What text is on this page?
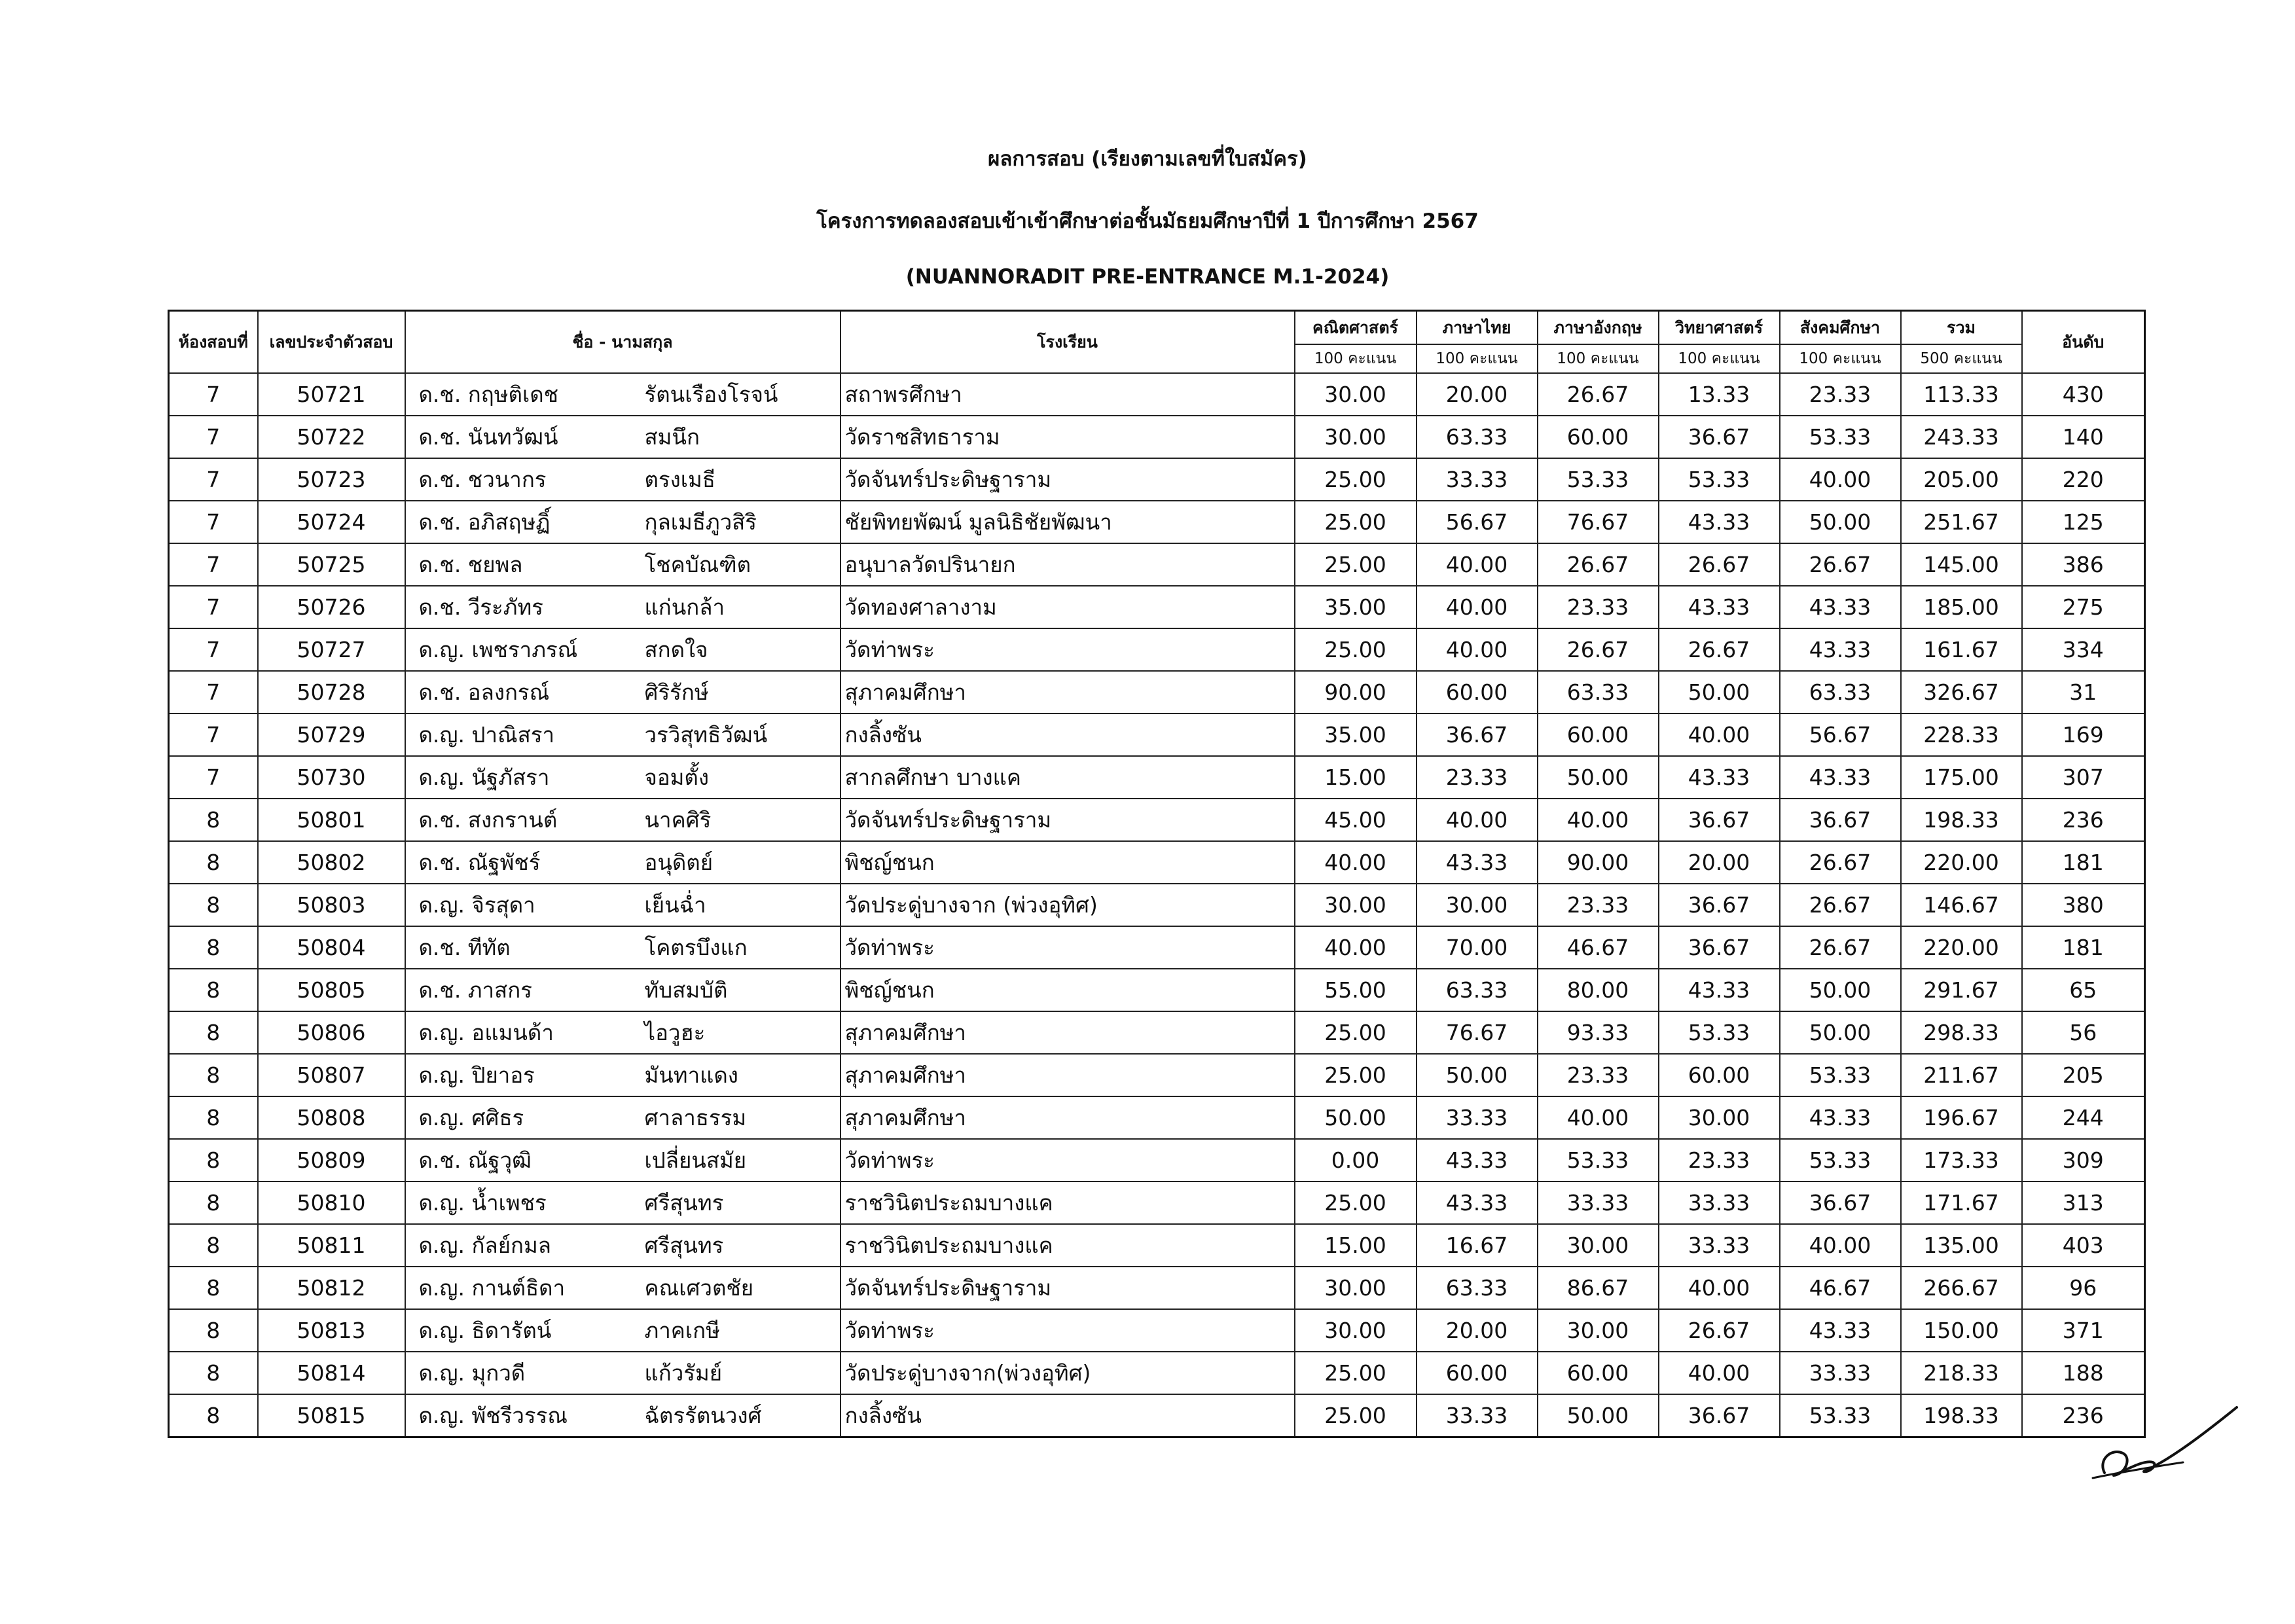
ผลการสอบ (เรียงตามเลขที่ใบสมัคร)
โครงการทดลองสอบเข้าเข้าศึกษาต่อชั้นมัธยมศึกษาปีที่ 1 ปีการศึกษา 2567
(NUANNORADIT PRE-ENTRANCE M.1-2024)
ห้องสอบที่	เลขประจำตัวสอบ	ชื่อ - นามสกุล	โรงเรียน	คณิตศาสตร์	ภาษาไทย	ภาษาอังกฤษ	วิทยาศาสตร์	สังคมศึกษา	รวม	อันดับ
				100 คะแนน	100 คะแนน	100 คะแนน	100 คะแนน	100 คะแนน	500 คะแนน	
7	50721	ด.ช. กฤษติเดช รัตนเรืองโรจน์	สถาพรศึกษา	30.00	20.00	26.67	13.33	23.33	113.33	430
7	50722	ด.ช. นันทวัฒน์ สมนึก	วัดราชสิทธาราม	30.00	63.33	60.00	36.67	53.33	243.33	140
7	50723	ด.ช. ชวนากร ตรงเมธี	วัดจันทร์ประดิษฐาราม	25.00	33.33	53.33	53.33	40.00	205.00	220
7	50724	ด.ช. อภิสฤษฏิ์ กุลเมธีภูวสิริ	ชัยพิทยพัฒน์ มูลนิธิชัยพัฒนา	25.00	56.67	76.67	43.33	50.00	251.67	125
7	50725	ด.ช. ชยพล โชคบัณฑิต	อนุบาลวัดปรินายก	25.00	40.00	26.67	26.67	26.67	145.00	386
7	50726	ด.ช. วีระภัทร แก่นกล้า	วัดทองศาลางาม	35.00	40.00	23.33	43.33	43.33	185.00	275
7	50727	ด.ญ. เพชราภรณ์ สกดใจ	วัดท่าพระ	25.00	40.00	26.67	26.67	43.33	161.67	334
7	50728	ด.ช. อลงกรณ์ ศิริรักษ์	สุภาคมศึกษา	90.00	60.00	63.33	50.00	63.33	326.67	31
7	50729	ด.ญ. ปาณิสรา วรวิสุทธิวัฒน์	กงลิ้งซัน	35.00	36.67	60.00	40.00	56.67	228.33	169
7	50730	ด.ญ. นัฐภัสรา จอมตั้ง	สากลศึกษา บางแค	15.00	23.33	50.00	43.33	43.33	175.00	307
8	50801	ด.ช. สงกรานต์ นาคศิริ	วัดจันทร์ประดิษฐาราม	45.00	40.00	40.00	36.67	36.67	198.33	236
8	50802	ด.ช. ณัฐพัชร์ อนุดิตย์	พิชญ์ชนก	40.00	43.33	90.00	20.00	26.67	220.00	181
8	50803	ด.ญ. จิรสุดา เย็นฉ่ำ	วัดประดู่บางจาก (พ่วงอุทิศ)	30.00	30.00	23.33	36.67	26.67	146.67	380
8	50804	ด.ช. ทีทัต โคตรบึงแก	วัดท่าพระ	40.00	70.00	46.67	36.67	26.67	220.00	181
8	50805	ด.ช. ภาสกร ทับสมบัติ	พิชญ์ชนก	55.00	63.33	80.00	43.33	50.00	291.67	65
8	50806	ด.ญ. อแมนด้า ไอวูฮะ	สุภาคมศึกษา	25.00	76.67	93.33	53.33	50.00	298.33	56
8	50807	ด.ญ. ปิยาอร มันทาแดง	สุภาคมศึกษา	25.00	50.00	23.33	60.00	53.33	211.67	205
8	50808	ด.ญ. ศศิธร ศาลาธรรม	สุภาคมศึกษา	50.00	33.33	40.00	30.00	43.33	196.67	244
8	50809	ด.ช. ณัฐวุฒิ เปลี่ยนสมัย	วัดท่าพระ	0.00	43.33	53.33	23.33	53.33	173.33	309
8	50810	ด.ญ. น้ำเพชร ศรีสุนทร	ราชวินิตประถมบางแค	25.00	43.33	33.33	33.33	36.67	171.67	313
8	50811	ด.ญ. กัลย์กมล ศรีสุนทร	ราชวินิตประถมบางแค	15.00	16.67	30.00	33.33	40.00	135.00	403
8	50812	ด.ญ. กานต์ธิดา คณเศวตชัย	วัดจันทร์ประดิษฐาราม	30.00	63.33	86.67	40.00	46.67	266.67	96
8	50813	ด.ญ. ธิดารัตน์ ภาคเกษี	วัดท่าพระ	30.00	20.00	30.00	26.67	43.33	150.00	371
8	50814	ด.ญ. มุกวดี แก้วรัมย์	วัดประดู่บางจาก(พ่วงอุทิศ)	25.00	60.00	60.00	40.00	33.33	218.33	188
8	50815	ด.ญ. พัชรีวรรณ ฉัตรรัตนวงศ์	กงลิ้งซัน	25.00	33.33	50.00	36.67	53.33	198.33	236
